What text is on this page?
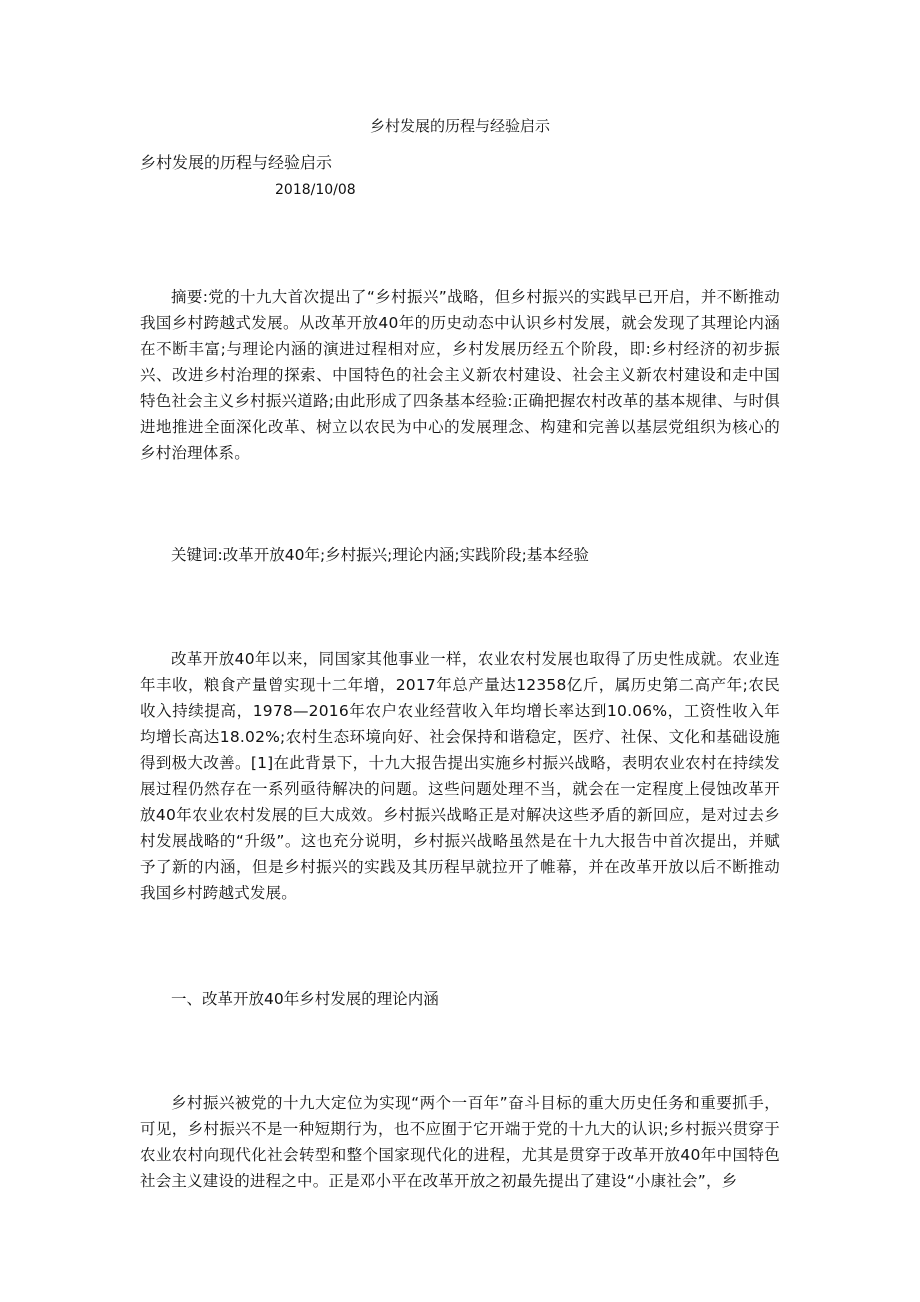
乡村发展的历程与经验启示
乡村发展的历程与经验启示
2018/10/08

摘要:党的十九大首次提出了“乡村振兴”战略，但乡村振兴的实践早已开启，并不断推动我国乡村跨越式发展。从改革开放40年的历史动态中认识乡村发展，就会发现了其理论内涵在不断丰富;与理论内涵的演进过程相对应，乡村发展历经五个阶段，即:乡村经济的初步振兴、改进乡村治理的探索、中国特色的社会主义新农村建设、社会主义新农村建设和走中国特色社会主义乡村振兴道路;由此形成了四条基本经验:正确把握农村改革的基本规律、与时俱进地推进全面深化改革、树立以农民为中心的发展理念、构建和完善以基层党组织为核心的乡村治理体系。

关键词:改革开放40年;乡村振兴;理论内涵;实践阶段;基本经验

改革开放40年以来，同国家其他事业一样，农业农村发展也取得了历史性成就。农业连年丰收，粮食产量曾实现十二年增，2017年总产量达12358亿斤，属历史第二高产年;农民收入持续提高，1978—2016年农户农业经营收入年均增长率达到10.06%，工资性收入年均增长高达18.02%;农村生态环境向好、社会保持和谐稳定，医疗、社保、文化和基础设施得到极大改善。[1]在此背景下，十九大报告提出实施乡村振兴战略，表明农业农村在持续发展过程仍然存在一系列亟待解决的问题。这些问题处理不当，就会在一定程度上侵蚀改革开放40年农业农村发展的巨大成效。乡村振兴战略正是对解决这些矛盾的新回应，是对过去乡村发展战略的“升级”。这也充分说明，乡村振兴战略虽然是在十九大报告中首次提出，并赋予了新的内涵，但是乡村振兴的实践及其历程早就拉开了帷幕，并在改革开放以后不断推动我国乡村跨越式发展。

一、改革开放40年乡村发展的理论内涵

乡村振兴被党的十九大定位为实现“两个一百年”奋斗目标的重大历史任务和重要抓手，可见，乡村振兴不是一种短期行为，也不应囿于它开端于党的十九大的认识;乡村振兴贯穿于农业农村向现代化社会转型和整个国家现代化的进程，尤其是贯穿于改革开放40年中国特色社会主义建设的进程之中。正是邓小平在改革开放之初最先提出了建设“小康社会”，乡
